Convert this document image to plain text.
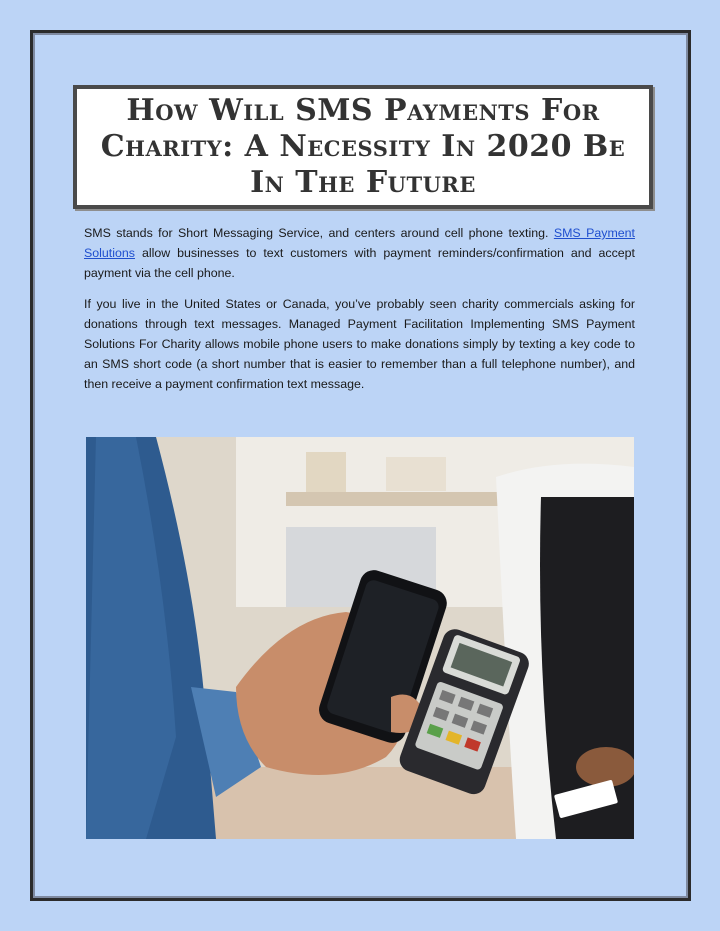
How Will SMS Payments For Charity: A Necessity In 2020 Be In The Future

SMS stands for Short Messaging Service, and centers around cell phone texting. SMS Payment Solutions allow businesses to text customers with payment reminders/confirmation and accept payment via the cell phone.

If you live in the United States or Canada, you’ve probably seen charity commercials asking for donations through text messages. Managed Payment Facilitation Implementing SMS Payment Solutions For Charity allows mobile phone users to make donations simply by texting a key code to an SMS short code (a short number that is easier to remember than a full telephone number), and then receive a payment confirmation text message.
